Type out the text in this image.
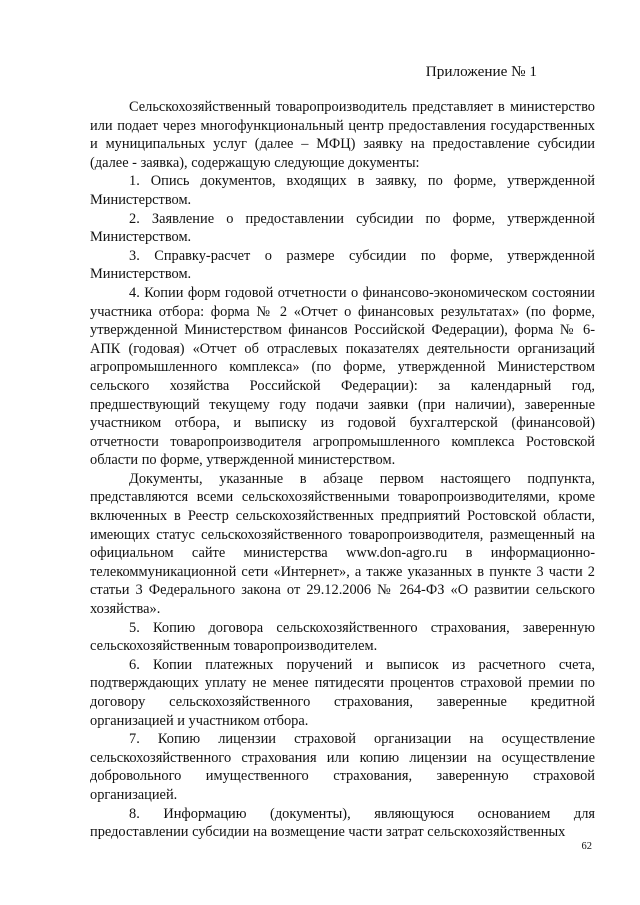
Приложение № 1

Сельскохозяйственный товаропроизводитель представляет в министерство или подает через многофункциональный центр предоставления государственных и муниципальных услуг (далее – МФЦ) заявку на предоставление субсидии (далее - заявка), содержащую следующие документы:

1. Опись документов, входящих в заявку, по форме, утвержденной Министерством.

2. Заявление о предоставлении субсидии по форме, утвержденной Министерством.

3. Справку-расчет о размере субсидии по форме, утвержденной Министерством.

4. Копии форм годовой отчетности о финансово-экономическом состоянии участника отбора: форма № 2 «Отчет о финансовых результатах» (по форме, утвержденной Министерством финансов Российской Федерации), форма № 6-АПК (годовая) «Отчет об отраслевых показателях деятельности организаций агропромышленного комплекса» (по форме, утвержденной Министерством сельского хозяйства Российской Федерации): за календарный год, предшествующий текущему году подачи заявки (при наличии), заверенные участником отбора, и выписку из годовой бухгалтерской (финансовой) отчетности товаропроизводителя агропромышленного комплекса Ростовской области по форме, утвержденной министерством.

Документы, указанные в абзаце первом настоящего подпункта, представляются всеми сельскохозяйственными товаропроизводителями, кроме включенных в Реестр сельскохозяйственных предприятий Ростовской области, имеющих статус сельскохозяйственного товаропроизводителя, размещенный на официальном сайте министерства www.don-agro.ru в информационно-телекоммуникационной сети «Интернет», а также указанных в пункте 3 части 2 статьи 3 Федерального закона от 29.12.2006 № 264-ФЗ «О развитии сельского хозяйства».

5. Копию договора сельскохозяйственного страхования, заверенную сельскохозяйственным товаропроизводителем.

6. Копии платежных поручений и выписок из расчетного счета, подтверждающих уплату не менее пятидесяти процентов страховой премии по договору сельскохозяйственного страхования, заверенные кредитной организацией и участником отбора.

7. Копию лицензии страховой организации на осуществление сельскохозяйственного страхования или копию лицензии на осуществление добровольного имущественного страхования, заверенную страховой организацией.

8. Информацию (документы), являющуюся основанием для предоставлении субсидии на возмещение части затрат сельскохозяйственных

62
